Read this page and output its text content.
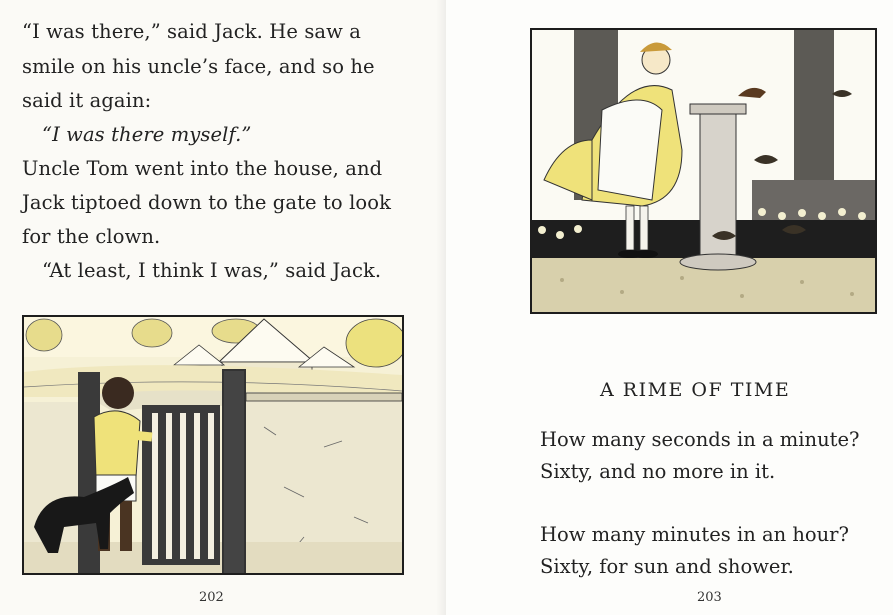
“I was there,” said Jack. He saw a
smile on his uncle’s face, and so he
said it again:
“I was there myself.”
Uncle Tom went into the house, and
Jack tiptoed down to the gate to look
for the clown.
“At least, I think I was,” said Jack.
202
A RIME OF TIME
How many seconds in a minute?
Sixty, and no more in it.
How many minutes in an hour?
Sixty, for sun and shower.
203
